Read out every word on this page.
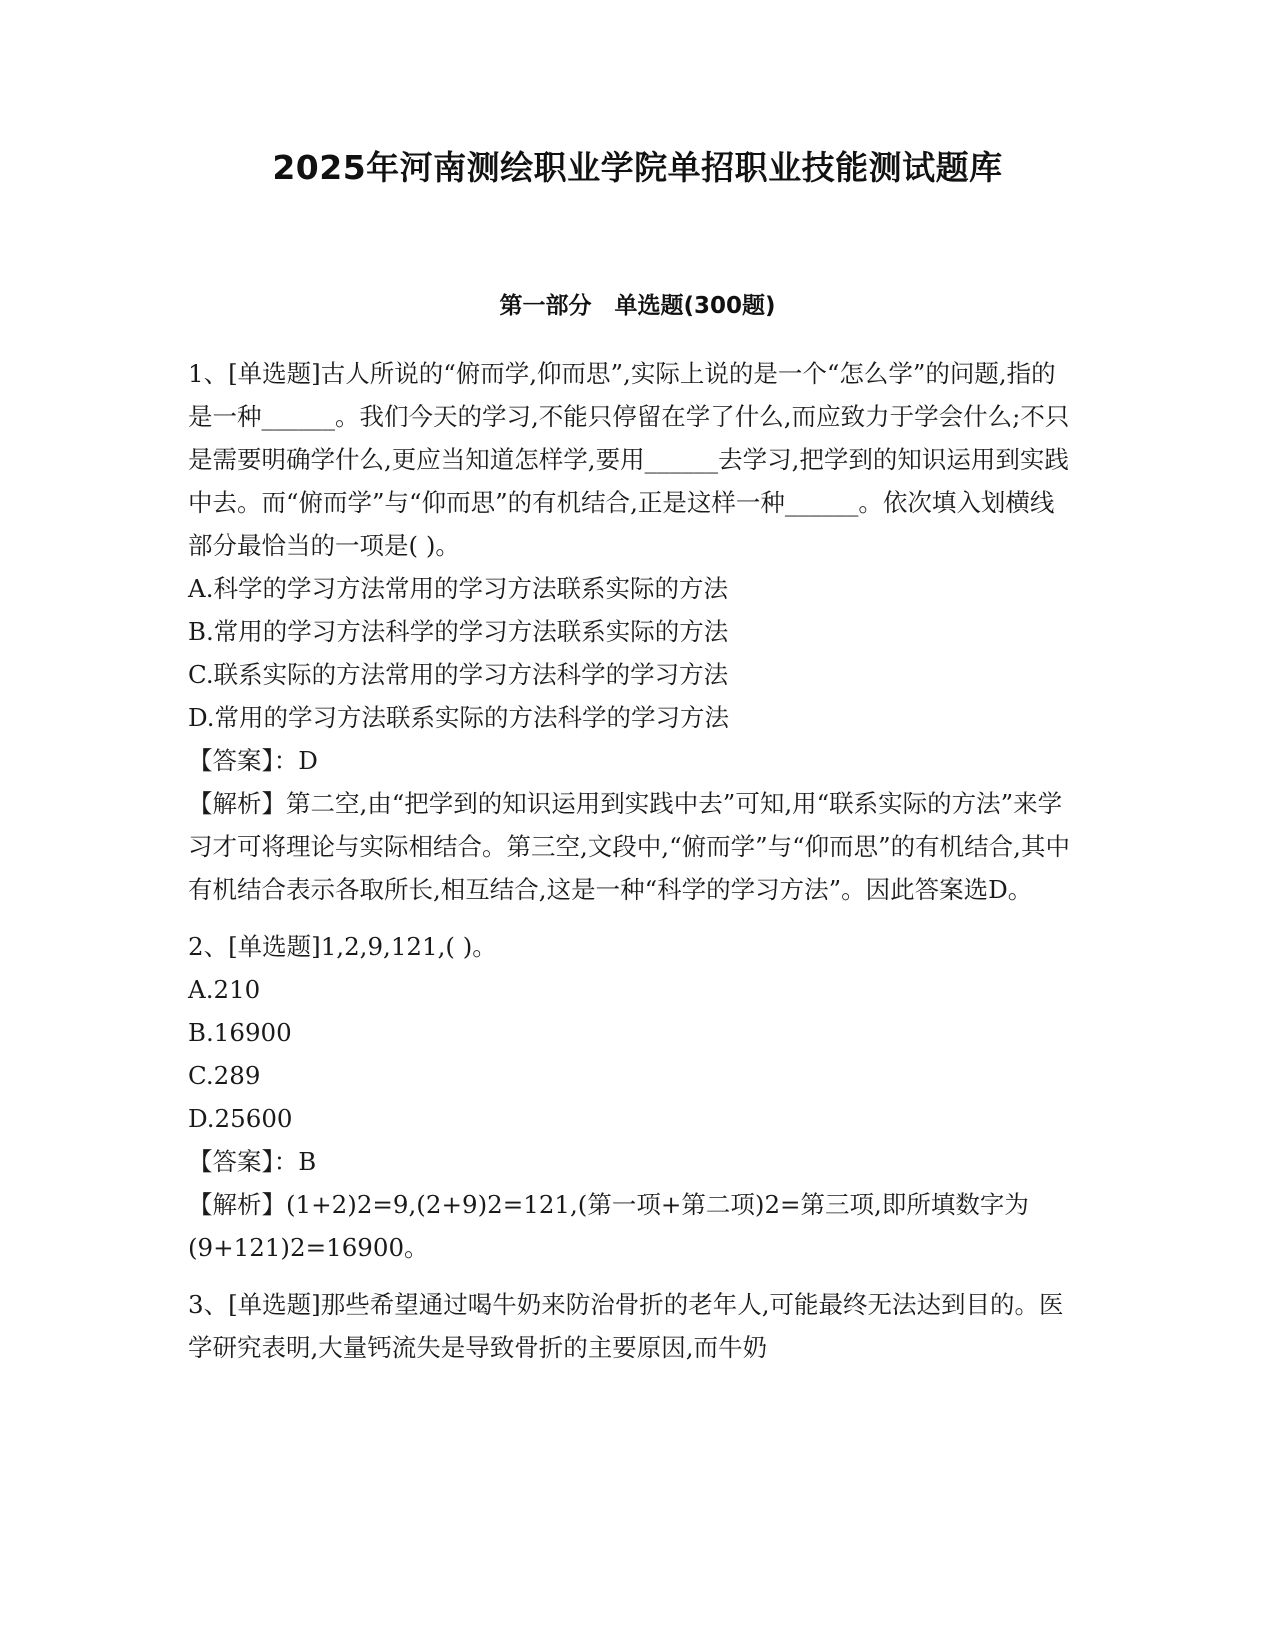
2025年河南测绘职业学院单招职业技能测试题库
第一部分　单选题(300题)

1、[单选题]古人所说的“俯而学,仰而思”,实际上说的是一个“怎么学”的问题,指的是一种______。我们今天的学习,不能只停留在学了什么,而应致力于学会什么;不只是需要明确学什么,更应当知道怎样学,要用______去学习,把学到的知识运用到实践中去。而“俯而学”与“仰而思”的有机结合,正是这样一种______。依次填入划横线部分最恰当的一项是( )。

A.科学的学习方法常用的学习方法联系实际的方法

B.常用的学习方法科学的学习方法联系实际的方法

C.联系实际的方法常用的学习方法科学的学习方法

D.常用的学习方法联系实际的方法科学的学习方法

【答案】：D

【解析】第二空,由“把学到的知识运用到实践中去”可知,用“联系实际的方法”来学习才可将理论与实际相结合。第三空,文段中,“俯而学”与“仰而思”的有机结合,其中有机结合表示各取所长,相互结合,这是一种“科学的学习方法”。因此答案选D。

2、[单选题]1,2,9,121,( )。

A.210

B.16900

C.289

D.25600

【答案】：B

【解析】(1+2)2=9,(2+9)2=121,(第一项+第二项)2=第三项,即所填数字为(9+121)2=16900。

3、[单选题]那些希望通过喝牛奶来防治骨折的老年人,可能最终无法达到目的。医学研究表明,大量钙流失是导致骨折的主要原因,而牛奶
